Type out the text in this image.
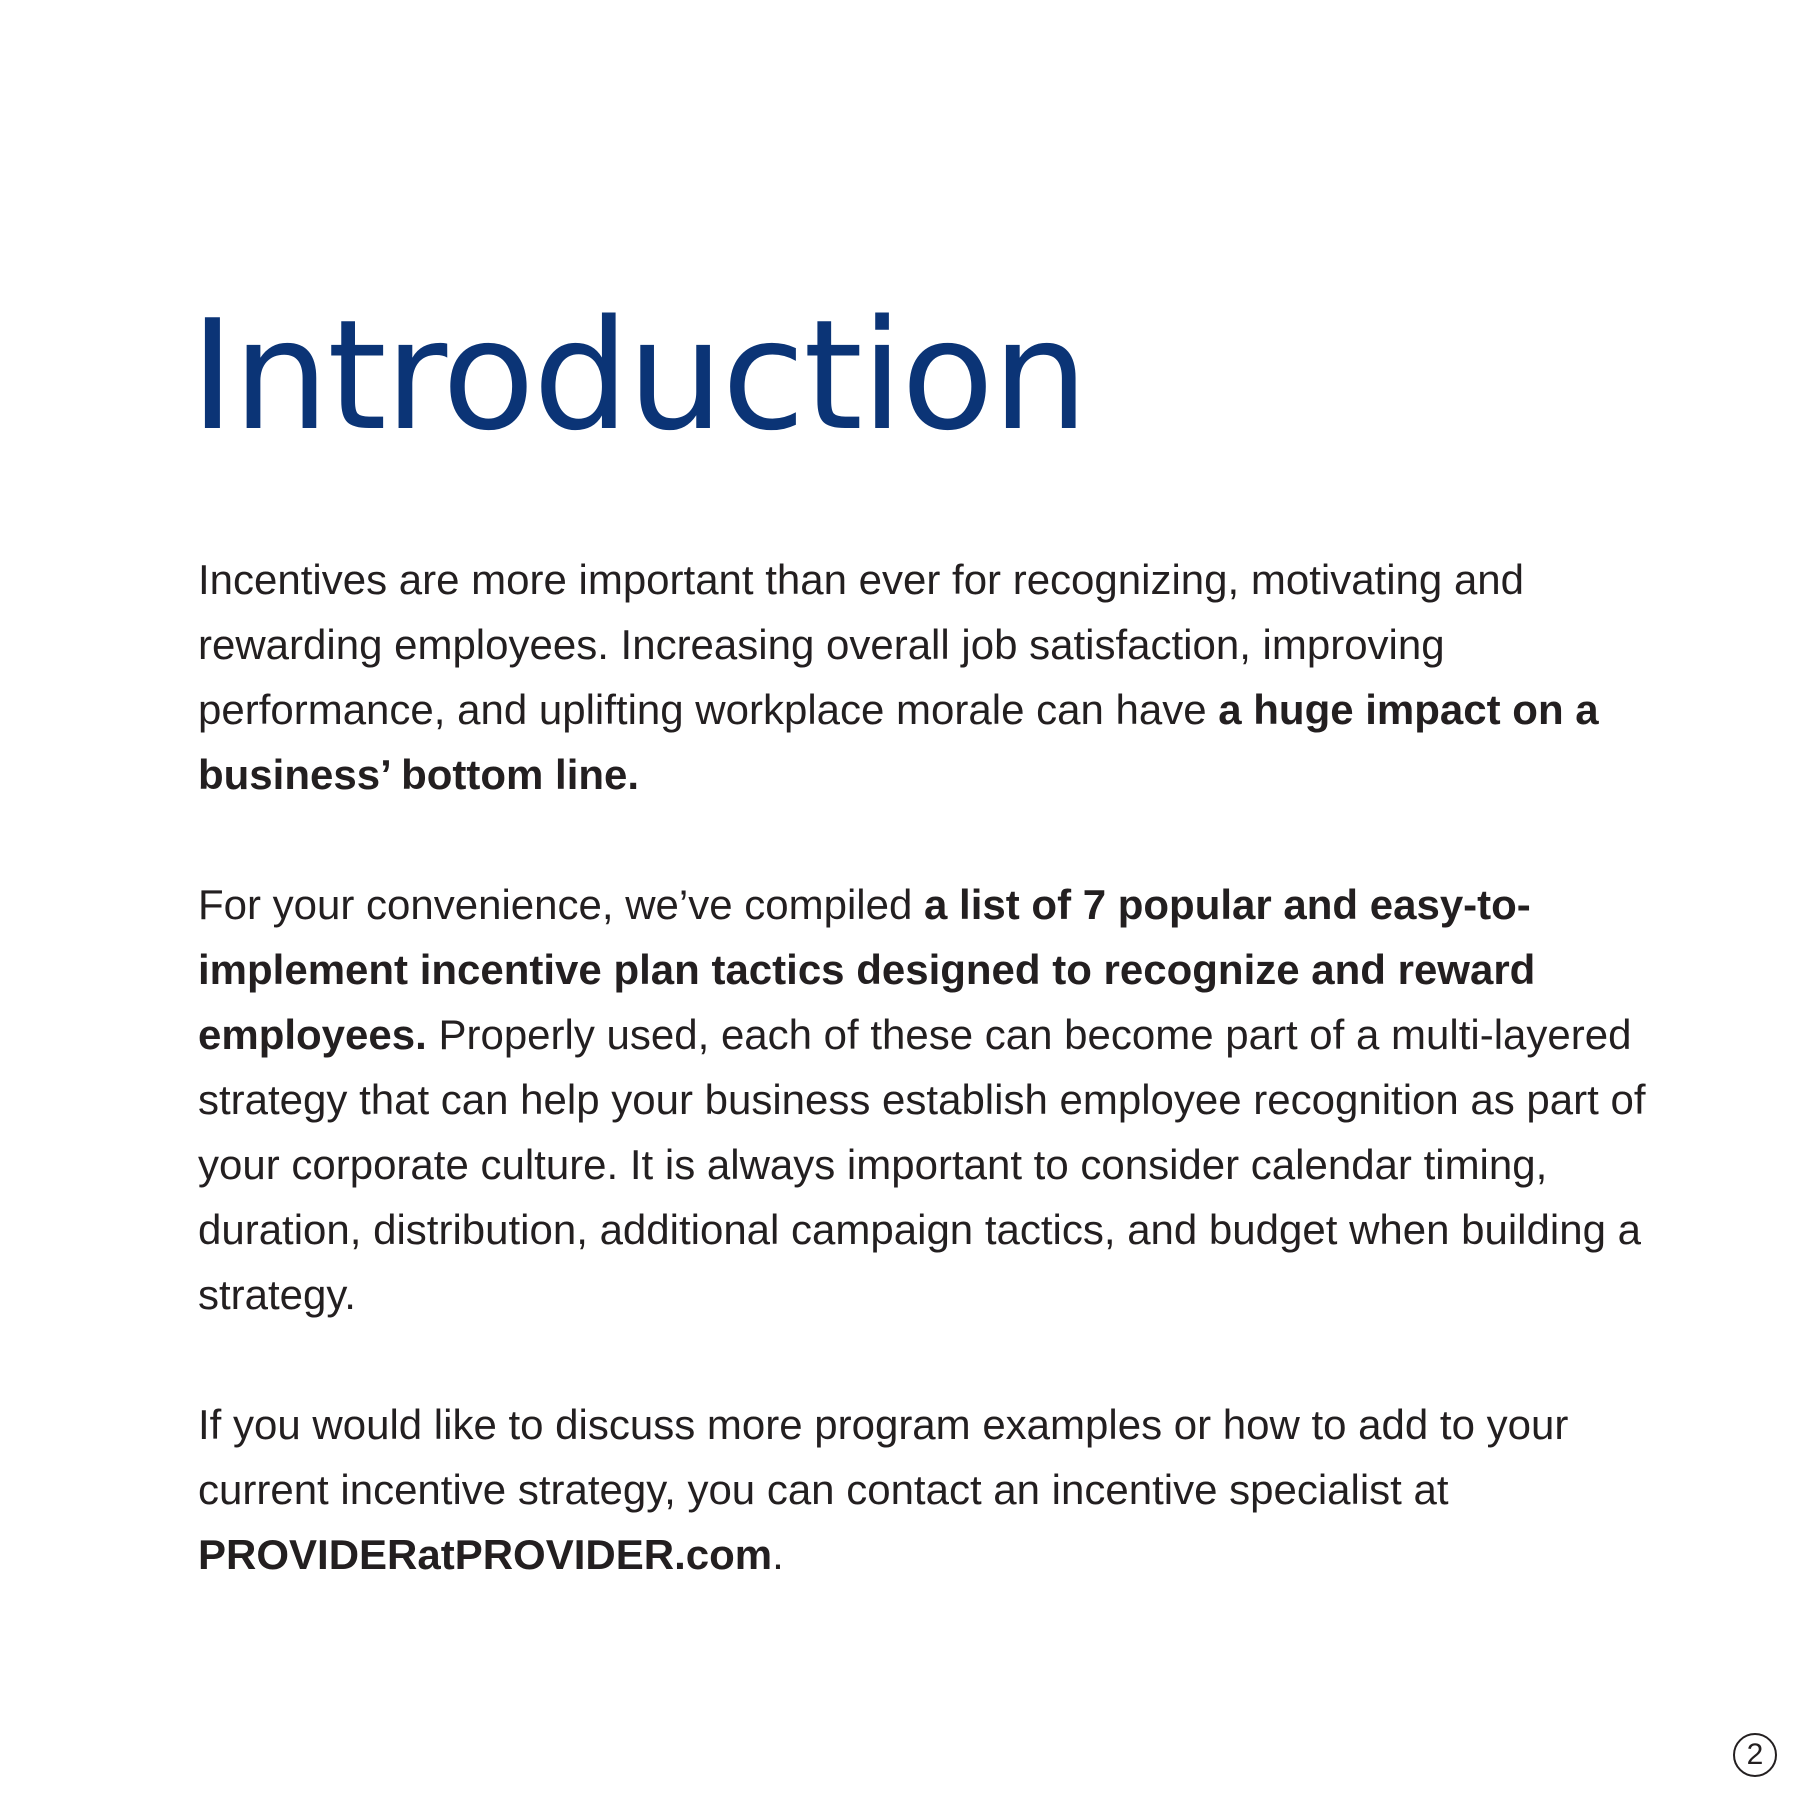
Introduction

Incentives are more important than ever for recognizing, motivating and rewarding employees. Increasing overall job satisfaction, improving performance, and uplifting workplace morale can have a huge impact on a business’ bottom line.

For your convenience, we’ve compiled a list of 7 popular and easy-to-implement incentive plan tactics designed to recognize and reward employees. Properly used, each of these can become part of a multi-layered strategy that can help your business establish employee recognition as part of your corporate culture. It is always important to consider calendar timing, duration, distribution, additional campaign tactics, and budget when building a strategy.

If you would like to discuss more program examples or how to add to your current incentive strategy, you can contact an incentive specialist at PROVIDERatPROVIDER.com.

2
